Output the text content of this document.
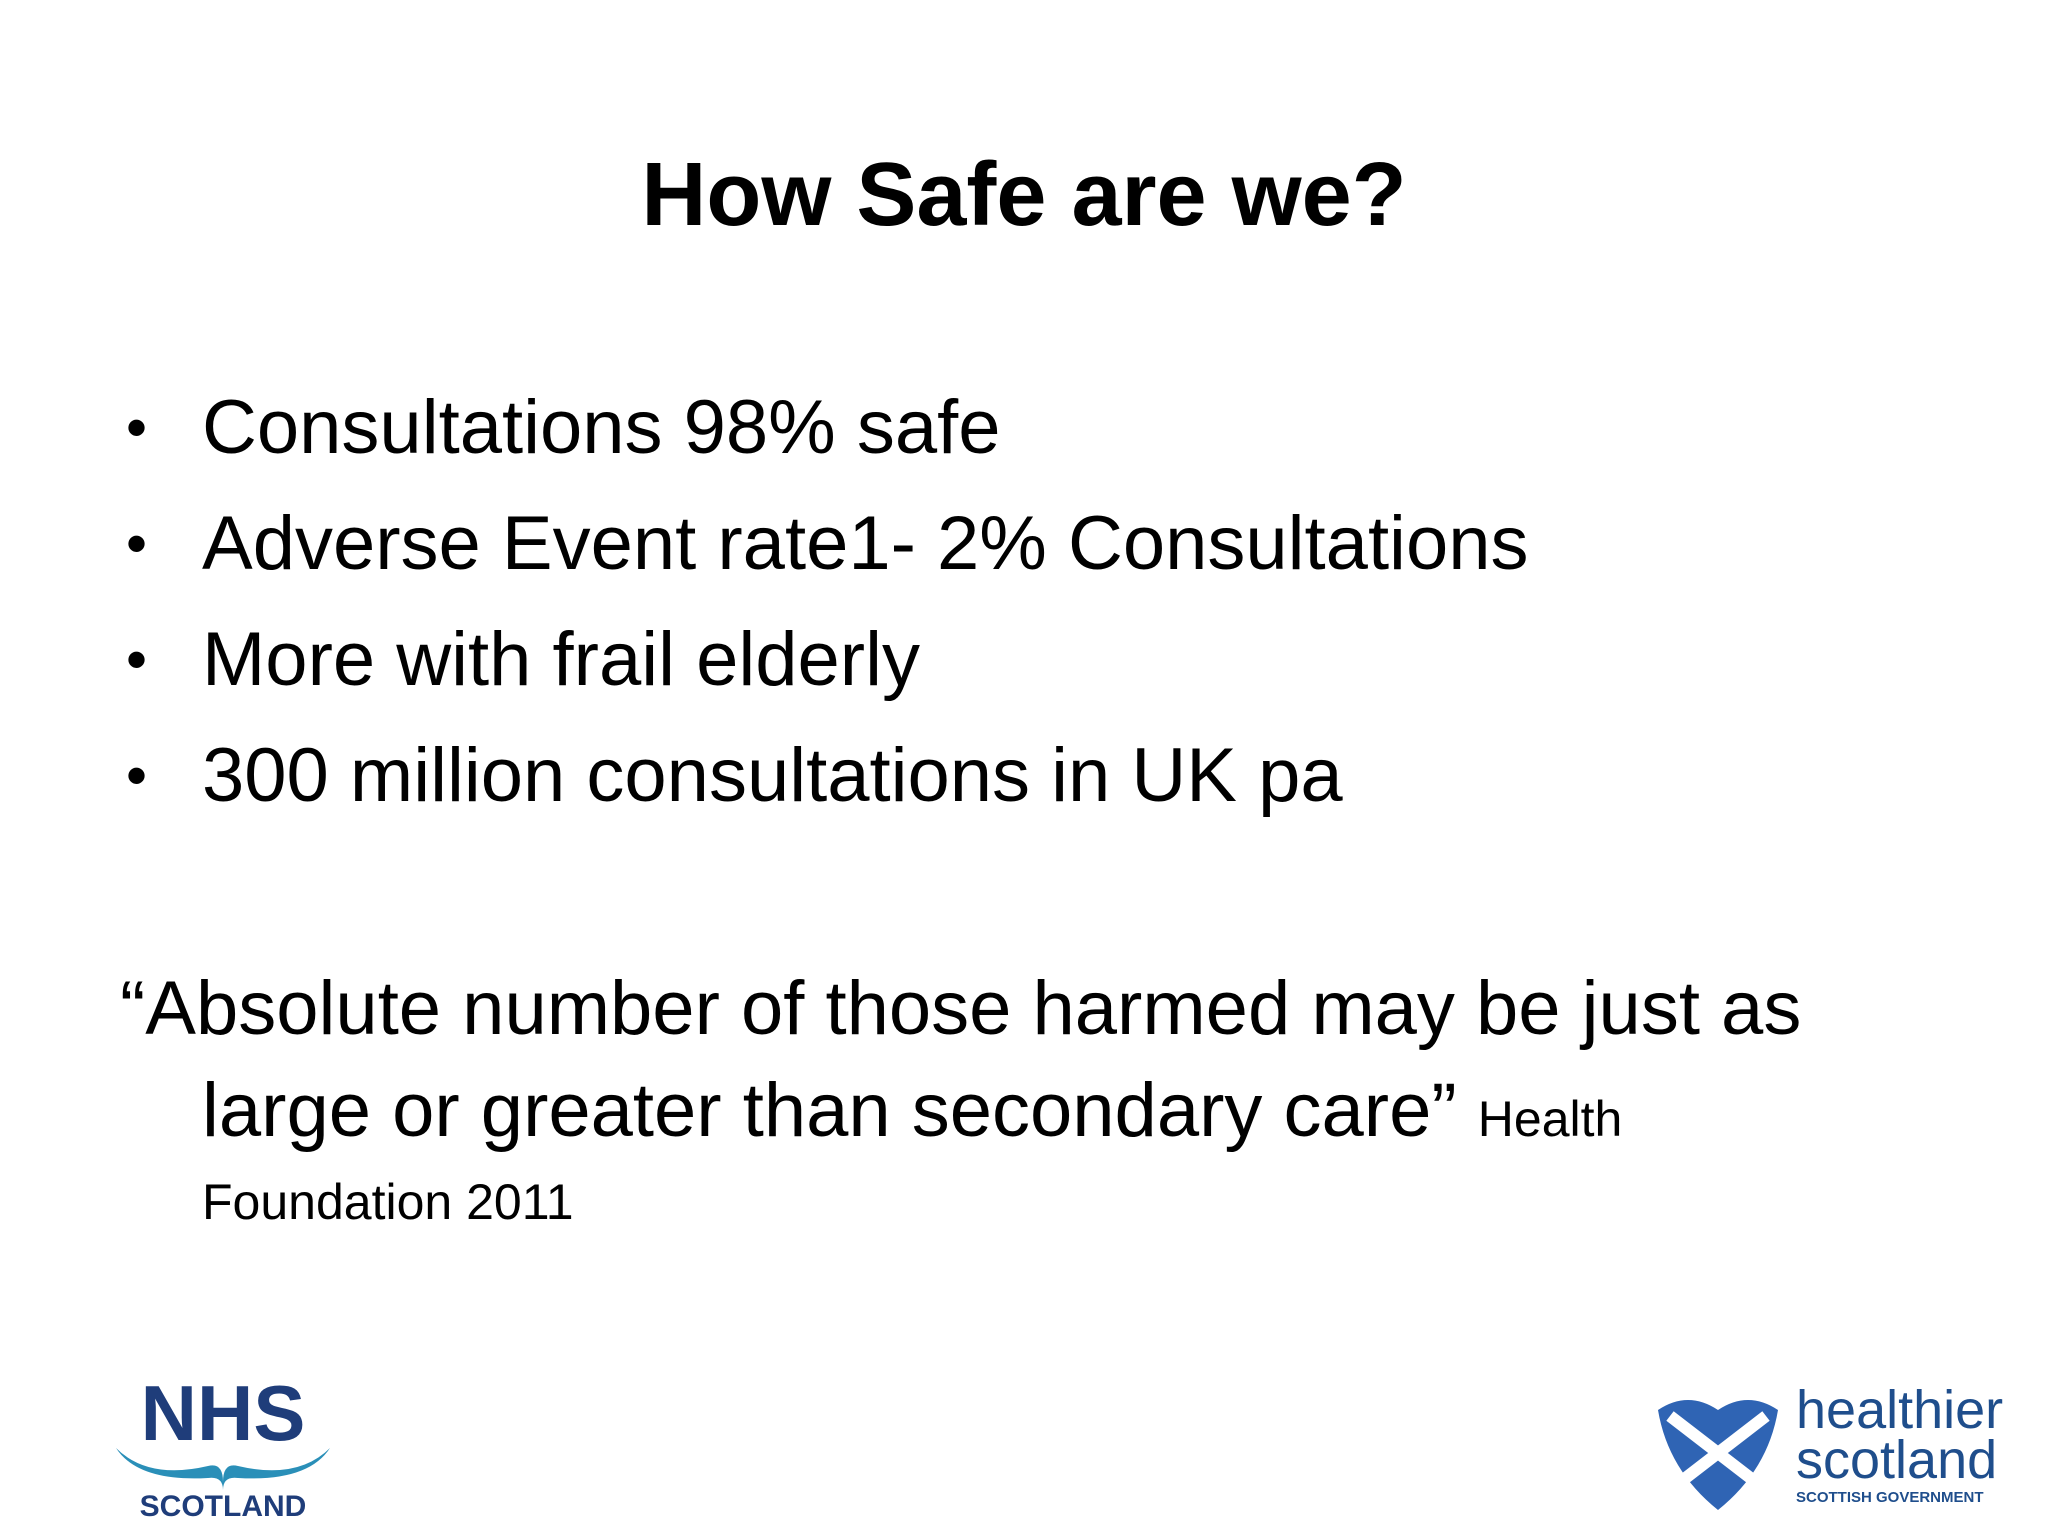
How Safe are we?
• Consultations 98% safe
• Adverse Event rate1- 2% Consultations
• More with frail elderly
• 300 million consultations in UK pa
“Absolute number of those harmed may be just as
large or greater than secondary care” Health
Foundation 2011
NHS
SCOTLAND
healthier
scotland
SCOTTISH GOVERNMENT
